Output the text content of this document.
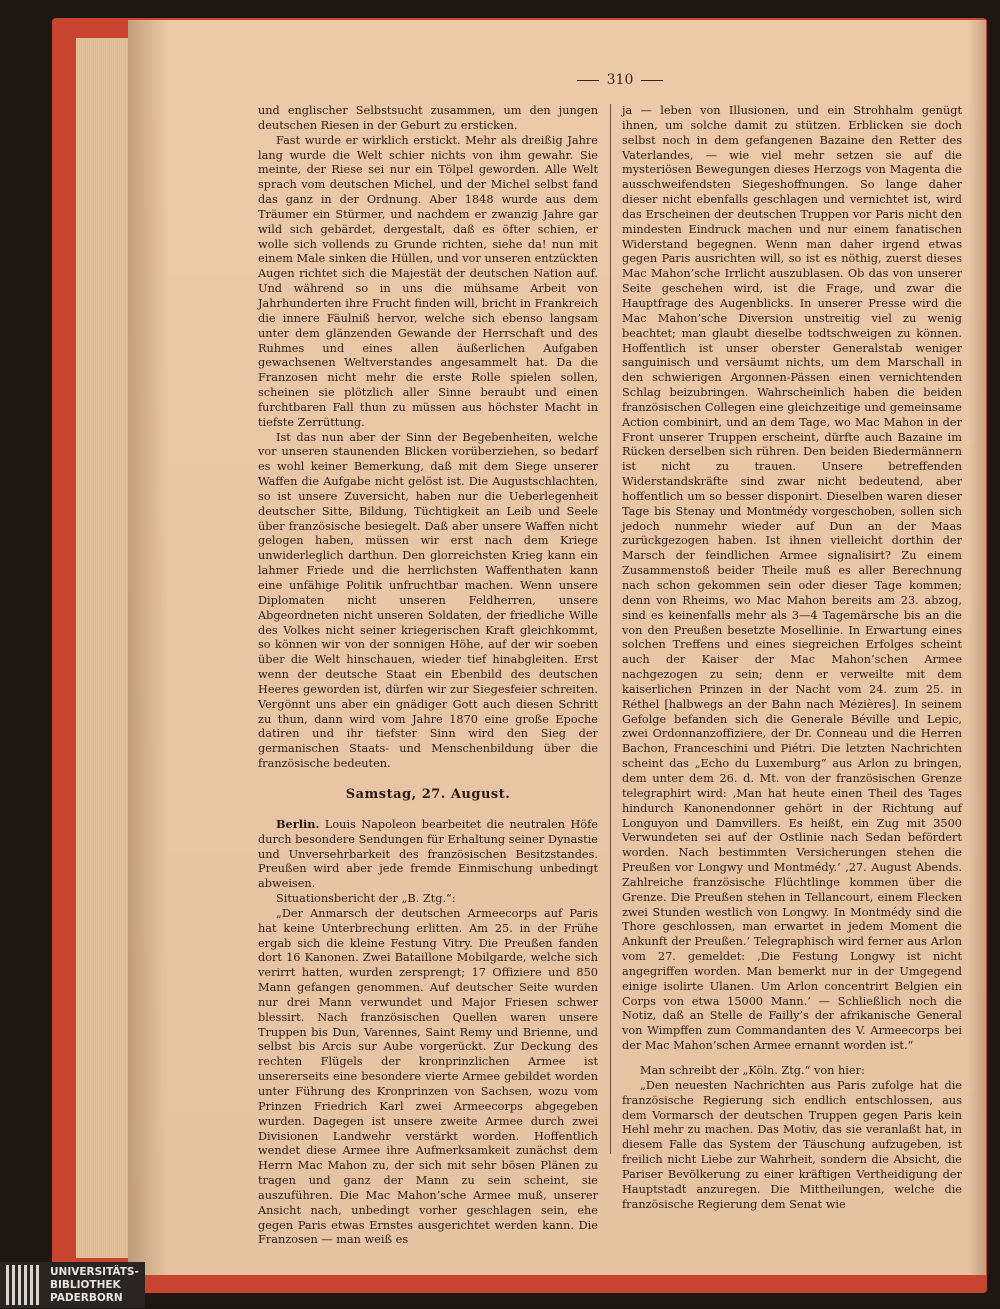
310

und englischer Selbstsucht zusammen, um den jungen deutschen Riesen in der Geburt zu ersticken.

Fast wurde er wirklich erstickt. Mehr als dreißig Jahre lang wurde die Welt schier nichts von ihm gewahr. Sie meinte, der Riese sei nur ein Tölpel geworden. Alle Welt sprach vom deutschen Michel, und der Michel selbst fand das ganz in der Ordnung. Aber 1848 wurde aus dem Träumer ein Stürmer, und nachdem er zwanzig Jahre gar wild sich gebärdet, dergestalt, daß es öfter schien, er wolle sich vollends zu Grunde richten, siehe da! nun mit einem Male sinken die Hüllen, und vor unseren entzückten Augen richtet sich die Majestät der deutschen Nation auf. Und während so in uns die mühsame Arbeit von Jahrhunderten ihre Frucht finden will, bricht in Frankreich die innere Fäulniß hervor, welche sich ebenso langsam unter dem glänzenden Gewande der Herrschaft und des Ruhmes und eines allen äußerlichen Aufgaben gewachsenen Weltverstandes angesammelt hat. Da die Franzosen nicht mehr die erste Rolle spielen sollen, scheinen sie plötzlich aller Sinne beraubt und einen furchtbaren Fall thun zu müssen aus höchster Macht in tiefste Zerrüttung.

Ist das nun aber der Sinn der Begebenheiten, welche vor unseren staunenden Blicken vorüberziehen, so bedarf es wohl keiner Bemerkung, daß mit dem Siege unserer Waffen die Aufgabe nicht gelöst ist. Die Augustschlachten, so ist unsere Zuversicht, haben nur die Ueberlegenheit deutscher Sitte, Bildung, Tüchtigkeit an Leib und Seele über französische besiegelt. Daß aber unsere Waffen nicht gelogen haben, müssen wir erst nach dem Kriege unwiderleglich darthun. Den glorreichsten Krieg kann ein lahmer Friede und die herrlichsten Waffenthaten kann eine unfähige Politik unfruchtbar machen. Wenn unsere Diplomaten nicht unseren Feldherren, unsere Abgeordneten nicht unseren Soldaten, der friedliche Wille des Volkes nicht seiner kriegerischen Kraft gleichkommt, so können wir von der sonnigen Höhe, auf der wir soeben über die Welt hinschauen, wieder tief hinabgleiten. Erst wenn der deutsche Staat ein Ebenbild des deutschen Heeres geworden ist, dürfen wir zur Siegesfeier schreiten. Vergönnt uns aber ein gnädiger Gott auch diesen Schritt zu thun, dann wird vom Jahre 1870 eine große Epoche datiren und ihr tiefster Sinn wird den Sieg der germanischen Staats- und Menschenbildung über die französische bedeuten.

Samstag, 27. August.

Berlin. Louis Napoleon bearbeitet die neutralen Höfe durch besondere Sendungen für Erhaltung seiner Dynastie und Unversehrbarkeit des französischen Besitzstandes. Preußen wird aber jede fremde Einmischung unbedingt abweisen.

Situationsbericht der „B. Ztg.“:

„Der Anmarsch der deutschen Armeecorps auf Paris hat keine Unterbrechung erlitten. Am 25. in der Frühe ergab sich die kleine Festung Vitry. Die Preußen fanden dort 16 Kanonen. Zwei Bataillone Mobilgarde, welche sich verirrt hatten, wurden zersprengt; 17 Offiziere und 850 Mann gefangen genommen. Auf deutscher Seite wurden nur drei Mann verwundet und Major Friesen schwer blessirt. Nach französischen Quellen waren unsere Truppen bis Dun, Varennes, Saint Remy und Brienne, und selbst bis Arcis sur Aube vorgerückt. Zur Deckung des rechten Flügels der kronprinzlichen Armee ist unsererseits eine besondere vierte Armee gebildet worden unter Führung des Kronprinzen von Sachsen, wozu vom Prinzen Friedrich Karl zwei Armeecorps abgegeben wurden. Dagegen ist unsere zweite Armee durch zwei Divisionen Landwehr verstärkt worden. Hoffentlich wendet diese Armee ihre Aufmerksamkeit zunächst dem Herrn Mac Mahon zu, der sich mit sehr bösen Plänen zu tragen und ganz der Mann zu sein scheint, sie auszuführen. Die Mac Mahon’sche Armee muß, unserer Ansicht nach, unbedingt vorher geschlagen sein, ehe gegen Paris etwas Ernstes ausgerichtet werden kann. Die Franzosen — man weiß es

ja — leben von Illusionen, und ein Strohhalm genügt ihnen, um solche damit zu stützen. Erblicken sie doch selbst noch in dem gefangenen Bazaine den Retter des Vaterlandes, — wie viel mehr setzen sie auf die mysteriösen Bewegungen dieses Herzogs von Magenta die ausschweifendsten Siegeshoffnungen. So lange daher dieser nicht ebenfalls geschlagen und vernichtet ist, wird das Erscheinen der deutschen Truppen vor Paris nicht den mindesten Eindruck machen und nur einem fanatischen Widerstand begegnen. Wenn man daher irgend etwas gegen Paris ausrichten will, so ist es nöthig, zuerst dieses Mac Mahon’sche Irrlicht auszublasen. Ob das von unserer Seite geschehen wird, ist die Frage, und zwar die Hauptfrage des Augenblicks. In unserer Presse wird die Mac Mahon’sche Diversion unstreitig viel zu wenig beachtet; man glaubt dieselbe todtschweigen zu können. Hoffentlich ist unser oberster Generalstab weniger sanguinisch und versäumt nichts, um dem Marschall in den schwierigen Argonnen-Pässen einen vernichtenden Schlag beizubringen. Wahrscheinlich haben die beiden französischen Collegen eine gleichzeitige und gemeinsame Action combinirt, und an dem Tage, wo Mac Mahon in der Front unserer Truppen erscheint, dürfte auch Bazaine im Rücken derselben sich rühren. Den beiden Biedermännern ist nicht zu trauen. Unsere betreffenden Widerstandskräfte sind zwar nicht bedeutend, aber hoffentlich um so besser disponirt. Dieselben waren dieser Tage bis Stenay und Montmédy vorgeschoben, sollen sich jedoch nunmehr wieder auf Dun an der Maas zurückgezogen haben. Ist ihnen vielleicht dorthin der Marsch der feindlichen Armee signalisirt? Zu einem Zusammenstoß beider Theile muß es aller Berechnung nach schon gekommen sein oder dieser Tage kommen; denn von Rheims, wo Mac Mahon bereits am 23. abzog, sind es keinenfalls mehr als 3—4 Tagemärsche bis an die von den Preußen besetzte Mosellinie. In Erwartung eines solchen Treffens und eines siegreichen Erfolges scheint auch der Kaiser der Mac Mahon’schen Armee nachgezogen zu sein; denn er verweilte mit dem kaiserlichen Prinzen in der Nacht vom 24. zum 25. in Réthel [halbwegs an der Bahn nach Mézières]. In seinem Gefolge befanden sich die Generale Béville und Lepic, zwei Ordonnanzoffiziere, der Dr. Conneau und die Herren Bachon, Franceschini und Piétri. Die letzten Nachrichten scheint das „Echo du Luxemburg“ aus Arlon zu bringen, dem unter dem 26. d. Mt. von der französischen Grenze telegraphirt wird: ‚Man hat heute einen Theil des Tages hindurch Kanonendonner gehört in der Richtung auf Longuyon und Damvillers. Es heißt, ein Zug mit 3500 Verwundeten sei auf der Ostlinie nach Sedan befördert worden. Nach bestimmten Versicherungen stehen die Preußen vor Longwy und Montmédy.‘ ‚27. August Abends. Zahlreiche französische Flüchtlinge kommen über die Grenze. Die Preußen stehen in Tellancourt, einem Flecken zwei Stunden westlich von Longwy. In Montmédy sind die Thore geschlossen, man erwartet in jedem Moment die Ankunft der Preußen.‘ Telegraphisch wird ferner aus Arlon vom 27. gemeldet: ‚Die Festung Longwy ist nicht angegriffen worden. Man bemerkt nur in der Umgegend einige isolirte Ulanen. Um Arlon concentrirt Belgien ein Corps von etwa 15000 Mann.‘ — Schließlich noch die Notiz, daß an Stelle de Failly’s der afrikanische General von Wimpffen zum Commandanten des V. Armeecorps bei der Mac Mahon’schen Armee ernannt worden ist.“

Man schreibt der „Köln. Ztg.“ von hier:

„Den neuesten Nachrichten aus Paris zufolge hat die französische Regierung sich endlich entschlossen, aus dem Vormarsch der deutschen Truppen gegen Paris kein Hehl mehr zu machen. Das Motiv, das sie veranlaßt hat, in diesem Falle das System der Täuschung aufzugeben, ist freilich nicht Liebe zur Wahrheit, sondern die Absicht, die Pariser Bevölkerung zu einer kräftigen Vertheidigung der Hauptstadt anzuregen. Die Mittheilungen, welche die französische Regierung dem Senat wie

UNIVERSITÄTS-
BIBLIOTHEK
PADERBORN
